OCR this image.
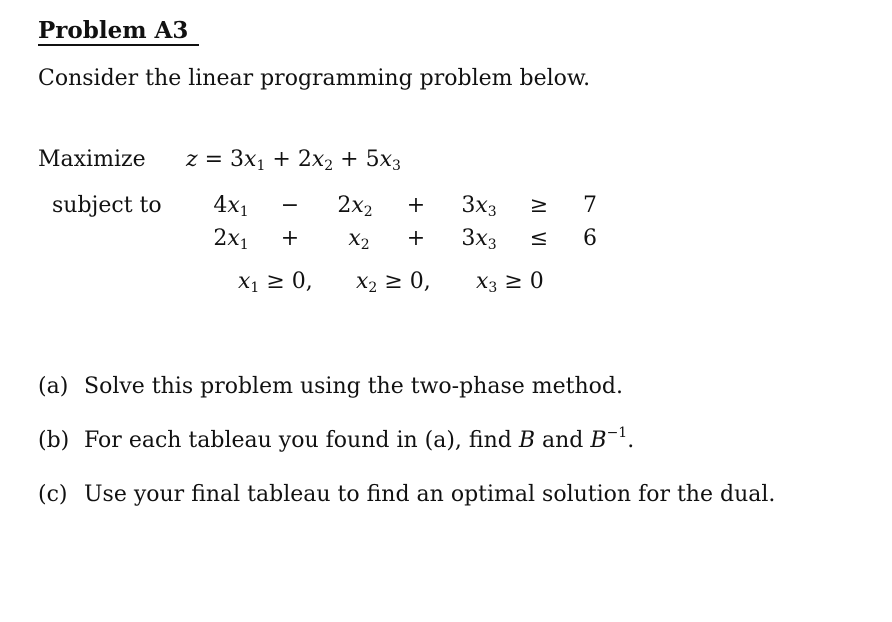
Problem A3
Consider the linear programming problem below.
Maximize $z = 3x_1 + 2x_2 + 5x_3$
subject to	$4x_1$	−	$2x_2$	+	$3x_3$	≥ 7
$2x_1$	+	$x_2$	+	$3x_3$	≤ 6
$x_1 \ge 0$, $x_2 \ge 0$, $x_3 \ge 0$
(a) Solve this problem using the two-phase method.
(b) For each tableau you found in (a), find B and $B^{-1}$.
(c) Use your final tableau to find an optimal solution for the dual.
